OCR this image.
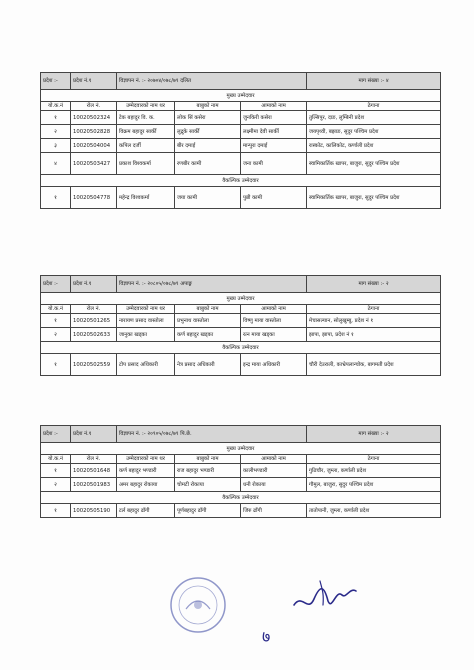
प्रदेश :-	प्रदेश नं.१	विज्ञापन नं. :- २०७०४/०७८/७९ दलित			माग संख्या :- ४
मुख्य उम्मेदवार					
यो.क.नं	रोल नं.	उम्मेदवारको नाम थर	बाबुको नाम	आमाको नाम	ठेगाना
१	10020502324	टेक बहादुर वि. क.	लोक सिं कसेरा	जुनकिरी कसेरा	तुल्सिपुर, दाङ, लुम्बिनी प्रदेश
२	10020502828	विक्रम बहादुर सार्की	लुद्रुके सार्की	लक्ष्मीमा देवी सार्की	जयपृथ्वी, बझाङ, सुदुर पश्चिम प्रदेश
३	10020504004	कपिल दर्जी	बीर दमाई	मान्पुरा दमाई	रास्कोट, कालिकोट, कर्णाली प्रदेश
४	10020503427	प्रकाश विश्वकर्मा	रणबीर कामी	जना कामी	स्वामिकार्तिक खापर, बाजुरा, सुदुर पश्चिम प्रदेश
वैकल्पिक उम्मेदवार					
१	10020504778	महेन्द्र विश्वकर्मा	जया कामी	पुन्नी कामी	स्वामिकार्तिक खापर, बाजुरा, सुदुर पश्चिम प्रदेश
प्रदेश :-	प्रदेश नं.१	विज्ञापन नं. :- २०८०५/०७८/७९ अपाङ्ग			माग संख्या :- २
मुख्य उम्मेदवार					
यो.क.नं	रोल नं.	उम्मेदवारको नाम थर	बाबुको नाम	आमाको नाम	ठेगाना
१	10020501265	नारायण प्रसाद वास्तोला	प्रभुनाथ वास्तोला	विष्णु माया वास्तोला	मेचासल्यान, सोलुखुम्बु, प्रदेश नं १
२	10020502633	जानुका खड्का	कर्ण बहादुर खड्का	रत्न माया खड्का	झापा, झापा, प्रदेश नं १
वैकल्पिक उम्मेदवार					
१	10020502559	टोप प्रसाद अधिकारी	नेत्र प्रसाद अधिकारी	इन्द्र माया अधिकारी	चौरी देउराली, काभ्रेपलान्चोक, बागमती प्रदेश
प्रदेश :-	प्रदेश नं.१	विज्ञापन नं. :- २०९०५/०७८/७९ पि.छे.			माग संख्या :- २
मुख्य उम्मेदवार					
यो.क.नं	रोल नं.	उम्मेदवारको नाम थर	बाबुको नाम	आमाको नाम	ठेगाना
१	10020501648	कर्ण बहादुर भण्डारी	राज बहादुर भण्डारी	कालीभण्डारी	गुठिचौर, जुम्ला, कर्णाली प्रदेश
२	10020501983	अमर बहादुर रोकाया	चोमटी रोकाया	धनी रोकाया	गौमुल, बाजुरा, सुदुर पश्चिम प्रदेश
वैकल्पिक उम्मेदवार					
१	10020505190	टर्ल बहादुर ढाँगी	पूर्णबहादुर ढाँगी	जिरु ढाँगी	तातोपानी, जुम्ला, कर्णाली प्रदेश
७
